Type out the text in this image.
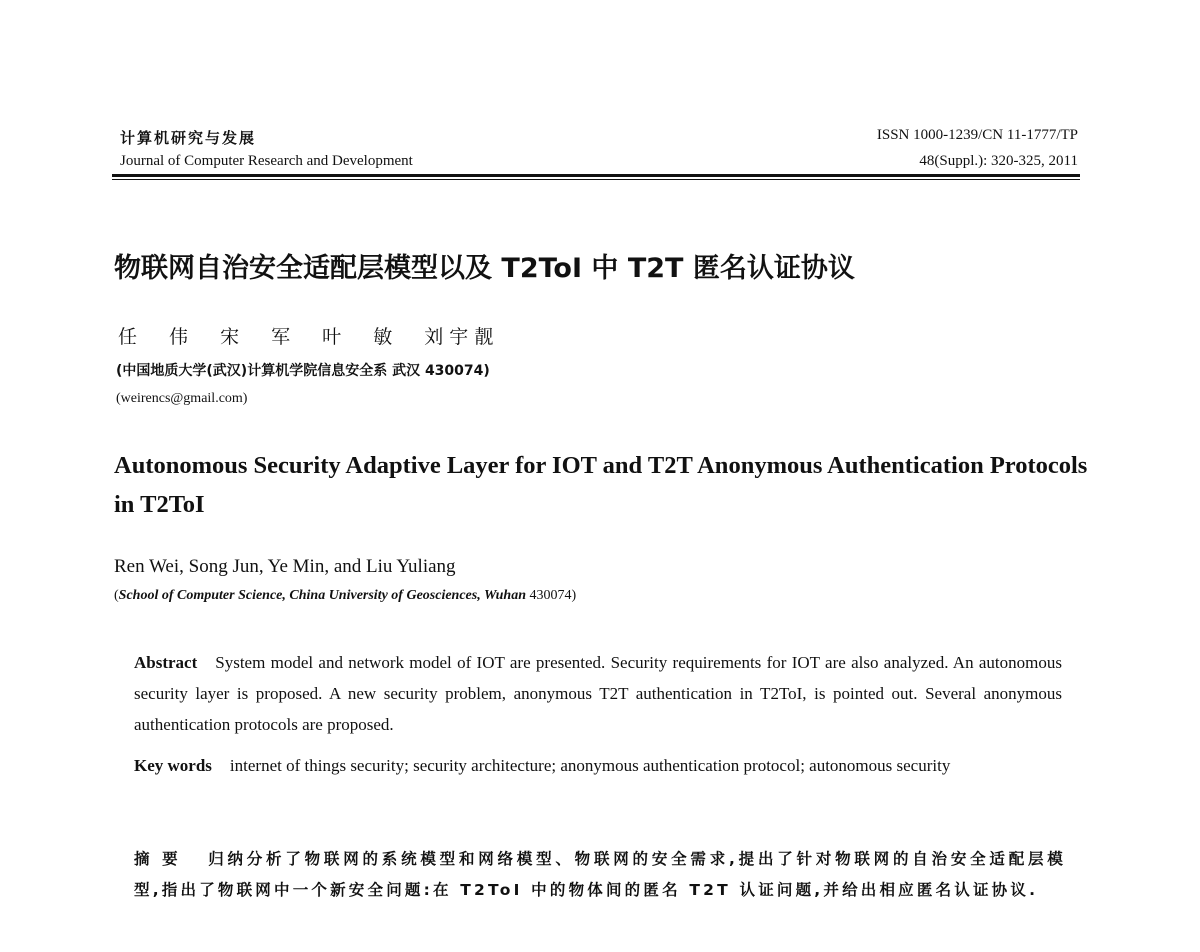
计算机研究与发展
Journal of Computer Research and Development
ISSN 1000-1239/CN 11-1777/TP
48(Suppl.): 320-325, 2011
物联网自治安全适配层模型以及 T2ToI 中 T2T 匿名认证协议
任 伟 宋 军 叶 敏 刘宇靓
(中国地质大学(武汉)计算机学院信息安全系 武汉 430074)
(weirencs@gmail.com)
Autonomous Security Adaptive Layer for IOT and T2T Anonymous Authentication Protocols in T2ToI
Ren Wei, Song Jun, Ye Min, and Liu Yuliang
(School of Computer Science, China University of Geosciences, Wuhan 430074)
Abstract System model and network model of IOT are presented. Security requirements for IOT are also analyzed. An autonomous security layer is proposed. A new security problem, anonymous T2T authentication in T2ToI, is pointed out. Several anonymous authentication protocols are proposed.
Key words internet of things security; security architecture; anonymous authentication protocol; autonomous security
摘要 归纳分析了物联网的系统模型和网络模型、物联网的安全需求,提出了针对物联网的自治安全适配层模型,指出了物联网中一个新安全问题:在 T2ToI 中的物体间的匿名 T2T 认证问题,并给出相应匿名认证协议.
